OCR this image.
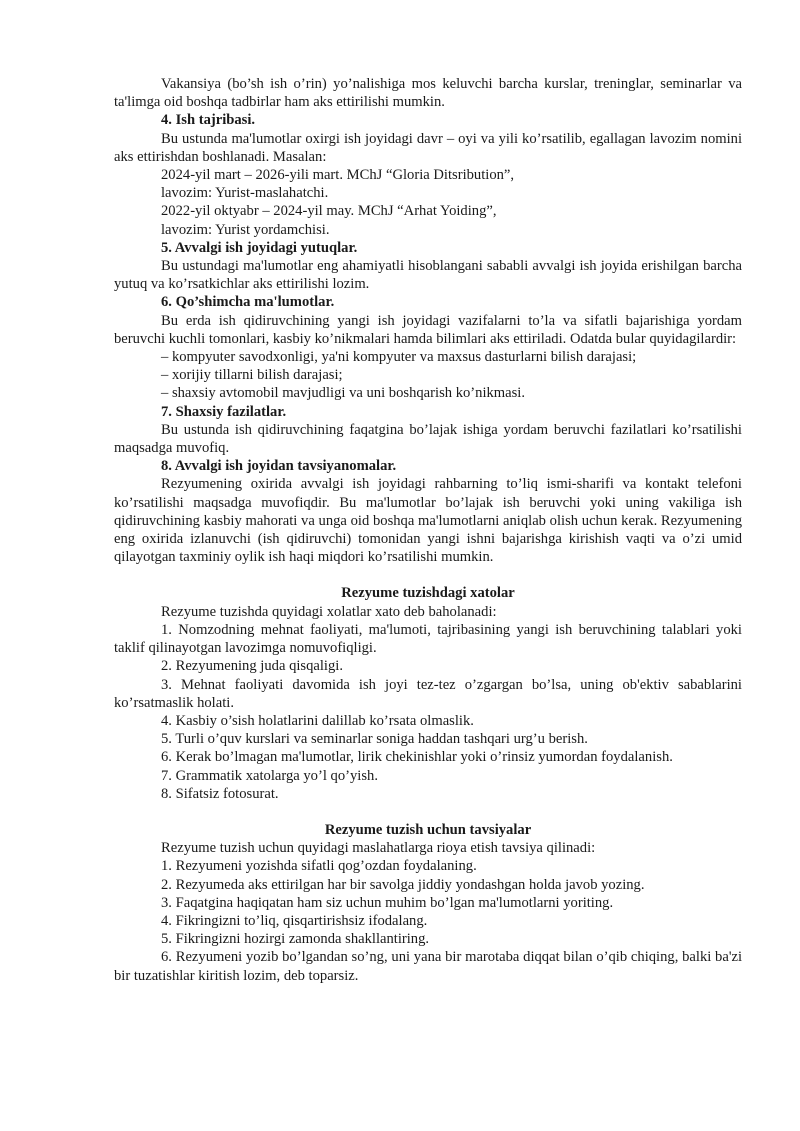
Vakansiya (bo’sh ish o’rin) yo’nalishiga mos keluvchi barcha kurslar, treninglar, seminarlar va ta'limga oid boshqa tadbirlar ham aks ettirilishi mumkin.

4. Ish tajribasi.

Bu ustunda ma'lumotlar oxirgi ish joyidagi davr – oyi va yili ko’rsatilib, egallagan lavozim nomini aks ettirishdan boshlanadi. Masalan:

2024-yil mart – 2026-yili mart. MChJ “Gloria Ditsribution”,

lavozim: Yurist-maslahatchi.

2022-yil oktyabr – 2024-yil may. MChJ “Arhat Yoiding”,

lavozim: Yurist yordamchisi.

5. Avvalgi ish joyidagi yutuqlar.

Bu ustundagi ma'lumotlar eng ahamiyatli hisoblangani sababli avvalgi ish joyida erishilgan barcha yutuq va ko’rsatkichlar aks ettirilishi lozim.

6. Qo’shimcha ma'lumotlar.

Bu erda ish qidiruvchining yangi ish joyidagi vazifalarni to’la va sifatli bajarishiga yordam beruvchi kuchli tomonlari, kasbiy ko’nikmalari hamda bilimlari aks ettiriladi. Odatda bular quyidagilardir:

– kompyuter savodxonligi, ya'ni kompyuter va maxsus dasturlarni bilish darajasi;

– xorijiy tillarni bilish darajasi;

– shaxsiy avtomobil mavjudligi va uni boshqarish ko’nikmasi.

7. Shaxsiy fazilatlar.

Bu ustunda ish qidiruvchining faqatgina bo’lajak ishiga yordam beruvchi fazilatlari ko’rsatilishi maqsadga muvofiq.

8. Avvalgi ish joyidan tavsiyanomalar.

Rezyumening oxirida avvalgi ish joyidagi rahbarning to’liq ismi-sharifi va kontakt telefoni ko’rsatilishi maqsadga muvofiqdir. Bu ma'lumotlar bo’lajak ish beruvchi yoki uning vakiliga ish qidiruvchining kasbiy mahorati va unga oid boshqa ma'lumotlarni aniqlab olish uchun kerak. Rezyumening eng oxirida izlanuvchi (ish qidiruvchi) tomonidan yangi ishni bajarishga kirishish vaqti va o’zi umid qilayotgan taxminiy oylik ish haqi miqdori ko’rsatilishi mumkin.

Rezyume tuzishdagi xatolar

Rezyume tuzishda quyidagi xolatlar xato deb baholanadi:

1. Nomzodning mehnat faoliyati, ma'lumoti, tajribasining yangi ish beruvchining talablari yoki taklif qilinayotgan lavozimga nomuvofiqligi.

2. Rezyumening juda qisqaligi.

3. Mehnat faoliyati davomida ish joyi tez-tez o’zgargan bo’lsa, uning ob'ektiv sabablarini ko’rsatmaslik holati.

4. Kasbiy o’sish holatlarini dalillab ko’rsata olmaslik.

5. Turli o’quv kurslari va seminarlar soniga haddan tashqari urg’u berish.

6. Kerak bo’lmagan ma'lumotlar, lirik chekinishlar yoki o’rinsiz yumordan foydalanish.

7. Grammatik xatolarga yo’l qo’yish.

8. Sifatsiz fotosurat.

Rezyume tuzish uchun tavsiyalar

Rezyume tuzish uchun quyidagi maslahatlarga rioya etish tavsiya qilinadi:

1. Rezyumeni yozishda sifatli qog’ozdan foydalaning.

2. Rezyumeda aks ettirilgan har bir savolga jiddiy yondashgan holda javob yozing.

3. Faqatgina haqiqatan ham siz uchun muhim bo’lgan ma'lumotlarni yoriting.

4. Fikringizni to’liq, qisqartirishsiz ifodalang.

5. Fikringizni hozirgi zamonda shakllantiring.

6. Rezyumeni yozib bo’lgandan so’ng, uni yana bir marotaba diqqat bilan o’qib chiqing, balki ba'zi bir tuzatishlar kiritish lozim, deb toparsiz.
